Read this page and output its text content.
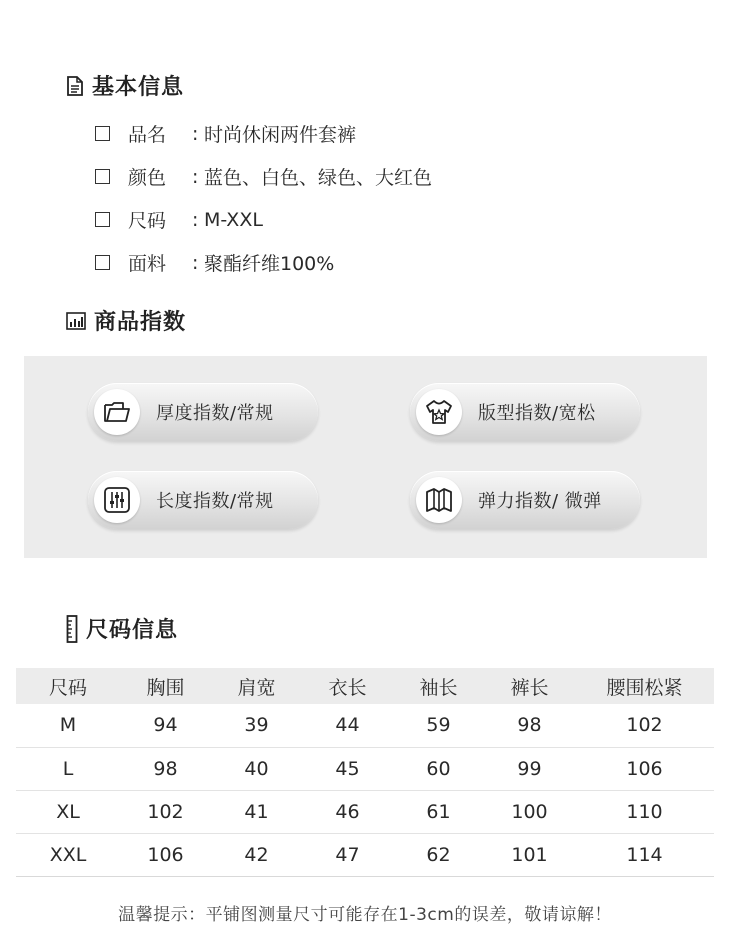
基本信息
品名	: 时尚休闲两件套裤
颜色	: 蓝色、白色、绿色、大红色
尺码	: M-XXL
面料	: 聚酯纤维100%
商品指数
厚度指数/常规	版型指数/宽松
长度指数/常规	弹力指数/ 微弹
尺码信息
尺码	胸围	肩宽	衣长	袖长	裤长	腰围松紧
M	94	39	44	59	98	102
L	98	40	45	60	99	106
XL	102	41	46	61	100	110
XXL	106	42	47	62	101	114
温馨提示：平铺图测量尺寸可能存在1-3cm的误差，敬请谅解！
